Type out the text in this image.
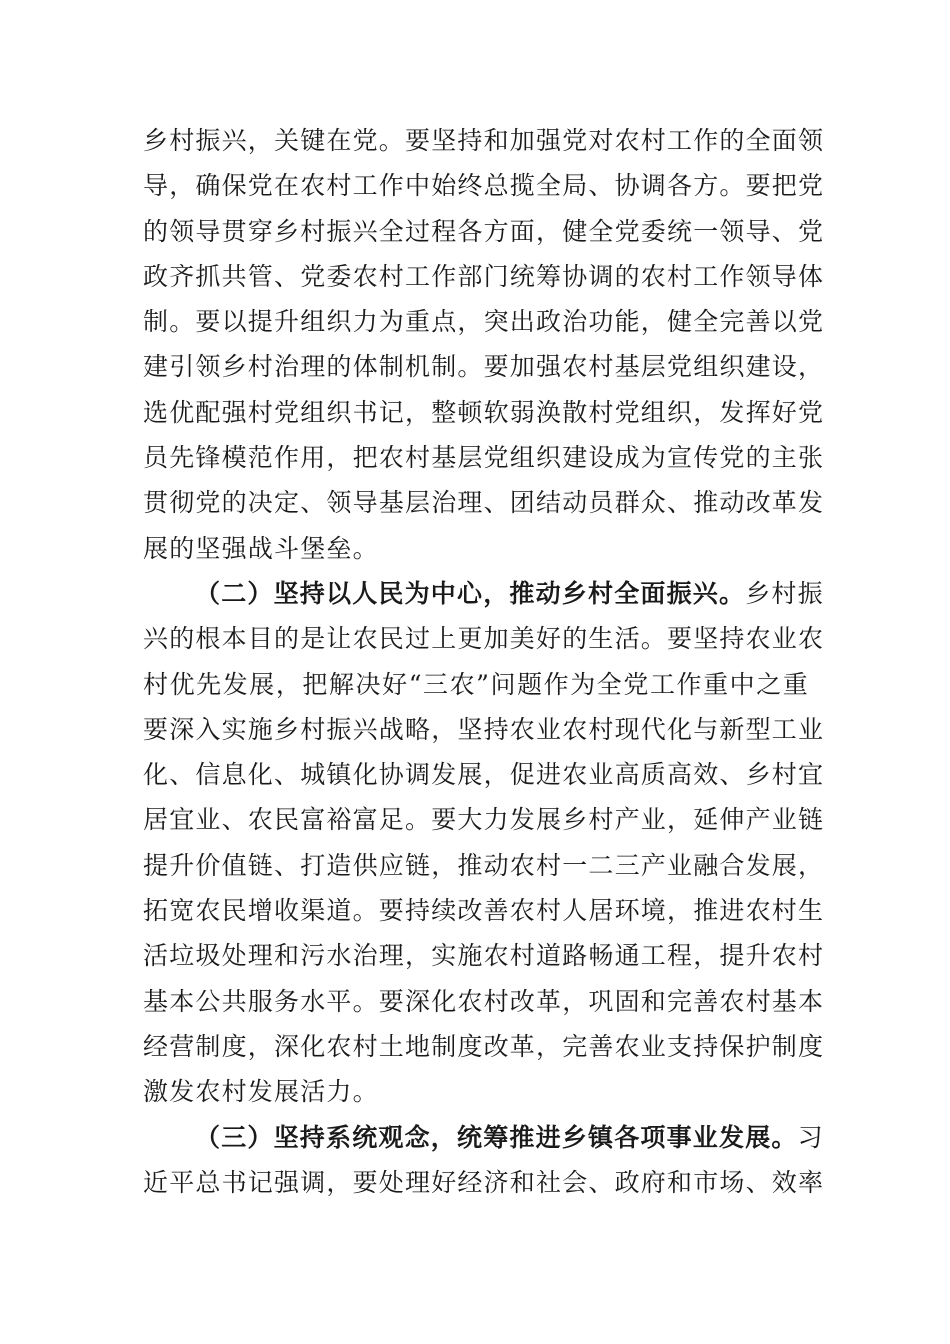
乡村振兴，关键在党。要坚持和加强党对农村工作的全面领
导，确保党在农村工作中始终总揽全局、协调各方。要把党
的领导贯穿乡村振兴全过程各方面，健全党委统一领导、党
政齐抓共管、党委农村工作部门统筹协调的农村工作领导体
制。要以提升组织力为重点，突出政治功能，健全完善以党
建引领乡村治理的体制机制。要加强农村基层党组织建设，
选优配强村党组织书记，整顿软弱涣散村党组织，发挥好党
员先锋模范作用，把农村基层党组织建设成为宣传党的主张
贯彻党的决定、领导基层治理、团结动员群众、推动改革发
展的坚强战斗堡垒。
（二）坚持以人民为中心，推动乡村全面振兴。乡村振
兴的根本目的是让农民过上更加美好的生活。要坚持农业农
村优先发展，把解决好“三农”问题作为全党工作重中之重
要深入实施乡村振兴战略，坚持农业农村现代化与新型工业
化、信息化、城镇化协调发展，促进农业高质高效、乡村宜
居宜业、农民富裕富足。要大力发展乡村产业，延伸产业链
提升价值链、打造供应链，推动农村一二三产业融合发展，
拓宽农民增收渠道。要持续改善农村人居环境，推进农村生
活垃圾处理和污水治理，实施农村道路畅通工程，提升农村
基本公共服务水平。要深化农村改革，巩固和完善农村基本
经营制度，深化农村土地制度改革，完善农业支持保护制度
激发农村发展活力。
（三）坚持系统观念，统筹推进乡镇各项事业发展。习
近平总书记强调，要处理好经济和社会、政府和市场、效率
